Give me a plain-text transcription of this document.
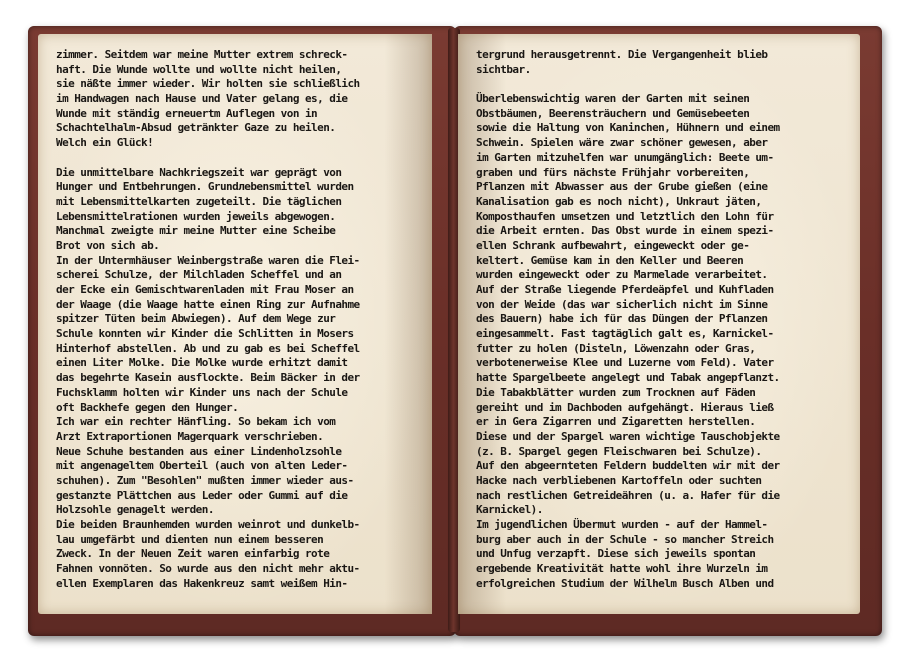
zimmer. Seitdem war meine Mutter extrem schreck-
haft. Die Wunde wollte und wollte nicht heilen,
sie näßte immer wieder. Wir holten sie schließlich
im Handwagen nach Hause und Vater gelang es, die
Wunde mit ständig erneuertm Auflegen von in
Schachtelhalm-Absud getränkter Gaze zu heilen.
Welch ein Glück!
Die unmittelbare Nachkriegszeit war geprägt von
Hunger und Entbehrungen. Grundлebensmittel wurden
mit Lebensmittelkarten zugeteilt. Die täglichen
Lebensmittelrationen wurden jeweils abgewogen.
Manchmal zweigte mir meine Mutter eine Scheibe
Brot von sich ab.
In der Untermhäuser Weinbergstraße waren die Flei-
scherei Schulze, der Milchladen Scheffel und an
der Ecke ein Gemischtwarenladen mit Frau Moser an
der Waage (die Waage hatte einen Ring zur Aufnahme
spitzer Tüten beim Abwiegen). Auf dem Wege zur
Schule konnten wir Kinder die Schlitten in Mosers
Hinterhof abstellen. Ab und zu gab es bei Scheffel
einen Liter Molke. Die Molke wurde erhitzt damit
das begehrte Kasein ausflockte. Beim Bäcker in der
Fuchsklamm holten wir Kinder uns nach der Schule
oft Backhefe gegen den Hunger.
Ich war ein rechter Hänfling. So bekam ich vom
Arzt Extraportionen Magerquark verschrieben.
Neue Schuhe bestanden aus einer Lindenholzsohle
mit angenageltem Oberteil (auch von alten Leder-
schuhen). Zum "Besohlen" mußten immer wieder aus-
gestanzte Plättchen aus Leder oder Gummi auf die
Holzsohle genagelt werden.
Die beiden Braunhemden wurden weinrot und dunkelb-
lau umgefärbt und dienten nun einem besseren
Zweck. In der Neuen Zeit waren einfarbig rote
Fahnen vonnöten. So wurde aus den nicht mehr aktu-
ellen Exemplaren das Hakenkreuz samt weißem Hin-
tergrund herausgetrennt. Die Vergangenheit blieb
sichtbar.
Überlebenswichtig waren der Garten mit seinen
Obstbäumen, Beerensträuchern und Gemüsebeeten
sowie die Haltung von Kaninchen, Hühnern und einem
Schwein. Spielen wäre zwar schöner gewesen, aber
im Garten mitzuhelfen war unumgänglich: Beete um-
graben und fürs nächste Frühjahr vorbereiten,
Pflanzen mit Abwasser aus der Grube gießen (eine
Kanalisation gab es noch nicht), Unkraut jäten,
Komposthaufen umsetzen und letztlich den Lohn für
die Arbeit ernten. Das Obst wurde in einem spezi-
ellen Schrank aufbewahrt, eingeweckt oder ge-
keltert. Gemüse kam in den Keller und Beeren
wurden eingeweckt oder zu Marmelade verarbeitet.
Auf der Straße liegende Pferdeäpfel und Kuhfladen
von der Weide (das war sicherlich nicht im Sinne
des Bauern) habe ich für das Düngen der Pflanzen
eingesammelt. Fast tagtäglich galt es, Karnickel-
futter zu holen (Disteln, Löwenzahn oder Gras,
verbotenerweise Klee und Luzerne vom Feld). Vater
hatte Spargelbeete angelegt und Tabak angepflanzt.
Die Tabakblätter wurden zum Trocknen auf Fäden
gereiht und im Dachboden aufgehängt. Hieraus ließ
er in Gera Zigarren und Zigaretten herstellen.
Diese und der Spargel waren wichtige Tauschobjekte
(z. B. Spargel gegen Fleischwaren bei Schulze).
Auf den abgeernteten Feldern buddelten wir mit der
Hacke nach verbliebenen Kartoffeln oder suchten
nach restlichen Getreideähren (u. a. Hafer für die
Karnickel).
Im jugendlichen Übermut wurden - auf der Hammel-
burg aber auch in der Schule - so mancher Streich
und Unfug verzapft. Diese sich jeweils spontan
ergebende Kreativität hatte wohl ihre Wurzeln im
erfolgreichen Studium der Wilhelm Busch Alben und
